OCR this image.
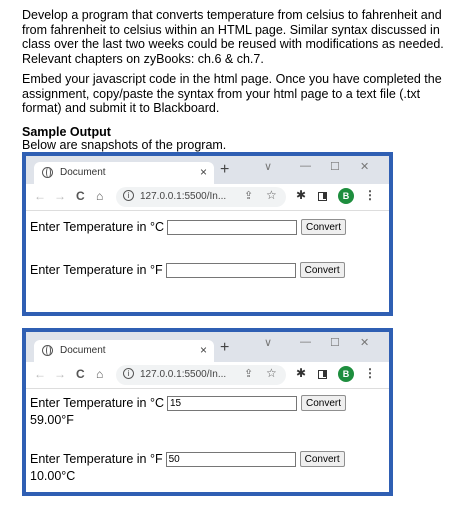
Develop a program that converts temperature from celsius to fahrenheit and from fahrenheit to celsius within an HTML page. Similar syntax discussed in class over the last two weeks could be reused with modifications as needed. Relevant chapters on zyBooks: ch.6 & ch.7.

Embed your javascript code in the html page. Once you have completed the assignment, copy/paste the syntax from your html page to a text file (.txt format) and submit it to Blackboard.

Sample Output

Below are snapshots of the program.

Document	× +	∨	— ☐ ✕
← → C ⌂	i	127.0.0.1:5500/In... ⇪ ☆ ✱	B	⋮
Enter Temperature in °C	Convert
Enter Temperature in °F	Convert
Document	× +	∨	— ☐ ✕
← → C ⌂	i	127.0.0.1:5500/In... ⇪ ☆ ✱	B	⋮
Enter Temperature in °C15	Convert
59.00°F
Enter Temperature in °F50	Convert
10.00°C
